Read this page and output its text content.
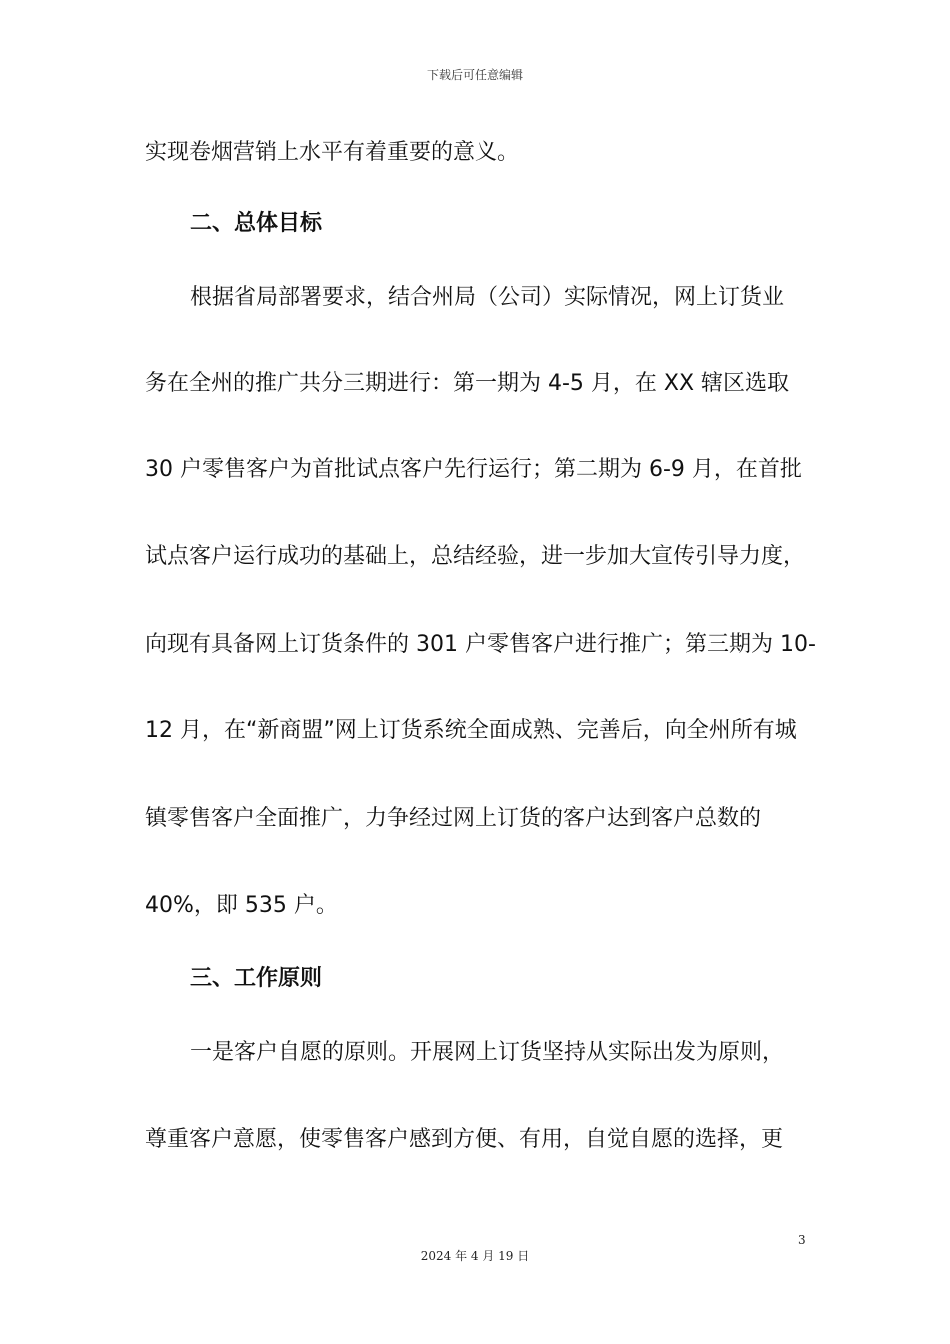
下载后可任意编辑
实现卷烟营销上水平有着重要的意义。
二、总体目标
根据省局部署要求，结合州局（公司）实际情况，网上订货业
务在全州的推广共分三期进行：第一期为 4-5 月，在 XX 辖区选取
30 户零售客户为首批试点客户先行运行；第二期为 6-9 月，在首批
试点客户运行成功的基础上，总结经验，进一步加大宣传引导力度，
向现有具备网上订货条件的 301 户零售客户进行推广；第三期为 10-
12 月，在“新商盟”网上订货系统全面成熟、完善后，向全州所有城
镇零售客户全面推广，力争经过网上订货的客户达到客户总数的
40%，即 535 户。
三、工作原则
一是客户自愿的原则。开展网上订货坚持从实际出发为原则，
尊重客户意愿，使零售客户感到方便、有用，自觉自愿的选择，更
3
2024 年 4 月 19 日
